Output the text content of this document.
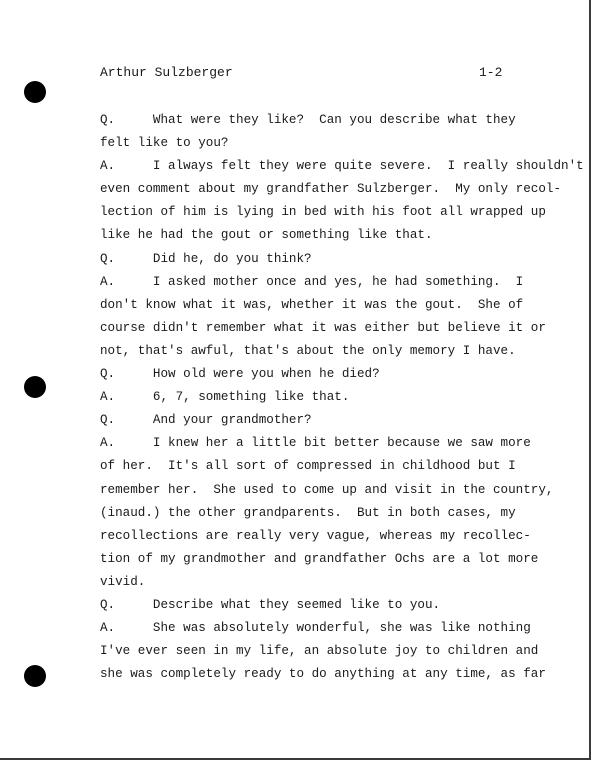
Arthur Sulzberger	1-2
Q.     What were they like?  Can you describe what they
felt like to you?
A.     I always felt they were quite severe.  I really shouldn't
even comment about my grandfather Sulzberger.  My only recol-
lection of him is lying in bed with his foot all wrapped up
like he had the gout or something like that.
Q.     Did he, do you think?
A.     I asked mother once and yes, he had something.  I
don't know what it was, whether it was the gout.  She of
course didn't remember what it was either but believe it or
not, that's awful, that's about the only memory I have.
Q.     How old were you when he died?
A.     6, 7, something like that.
Q.     And your grandmother?
A.     I knew her a little bit better because we saw more
of her.  It's all sort of compressed in childhood but I
remember her.  She used to come up and visit in the country,
(inaud.) the other grandparents.  But in both cases, my
recollections are really very vague, whereas my recollec-
tion of my grandmother and grandfather Ochs are a lot more
vivid.
Q.     Describe what they seemed like to you.
A.     She was absolutely wonderful, she was like nothing
I've ever seen in my life, an absolute joy to children and
she was completely ready to do anything at any time, as far
